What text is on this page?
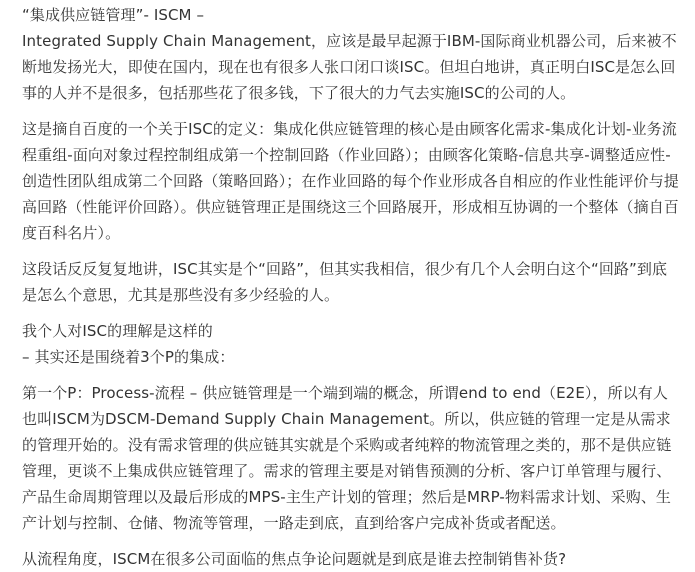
“集成供应链管理”- ISCM –
Integrated Supply Chain Management，应该是最早起源于IBM-国际商业机器公司，后来被不断地发扬光大，即使在国内，现在也有很多人张口闭口谈ISC。但坦白地讲，真正明白ISC是怎么回事的人并不是很多，包括那些花了很多钱，下了很大的力气去实施ISC的公司的人。
这是摘自百度的一个关于ISC的定义：集成化供应链管理的核心是由顾客化需求-集成化计划-业务流程重组-面向对象过程控制组成第一个控制回路（作业回路）；由顾客化策略-信息共享-调整适应性-创造性团队组成第二个回路（策略回路）；在作业回路的每个作业形成各自相应的作业性能评价与提高回路（性能评价回路）。供应链管理正是围绕这三个回路展开，形成相互协调的一个整体（摘自百度百科名片）。
这段话反反复复地讲，ISC其实是个“回路”，但其实我相信，很少有几个人会明白这个“回路”到底是怎么个意思，尤其是那些没有多少经验的人。
我个人对ISC的理解是这样的
– 其实还是围绕着3个P的集成：
第一个P：Process-流程 – 供应链管理是一个端到端的概念，所谓end to end（E2E），所以有人也叫ISCM为DSCM-Demand Supply Chain Management。所以，供应链的管理一定是从需求的管理开始的。没有需求管理的供应链其实就是个采购或者纯粹的物流管理之类的，那不是供应链管理，更谈不上集成供应链管理了。需求的管理主要是对销售预测的分析、客户订单管理与履行、产品生命周期管理以及最后形成的MPS-主生产计划的管理；然后是MRP-物料需求计划、采购、生产计划与控制、仓储、物流等管理，一路走到底，直到给客户完成补货或者配送。
从流程角度，ISCM在很多公司面临的焦点争论问题就是到底是谁去控制销售补货?
